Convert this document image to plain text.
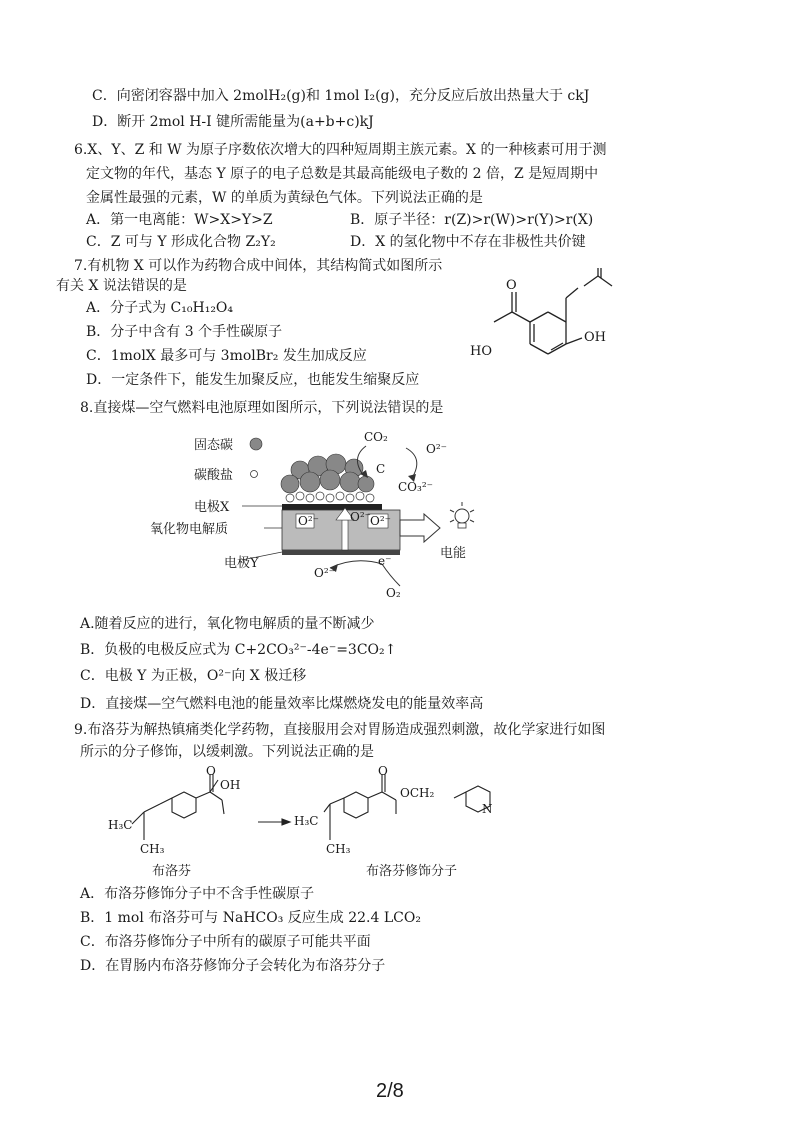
C．向密闭容器中加入 2molH₂(g)和 1mol I₂(g)，充分反应后放出热量大于 ckJ
D．断开 2mol H-I 键所需能量为(a+b+c)kJ
6.X、Y、Z 和 W 为原子序数依次增大的四种短周期主族元素。X 的一种核素可用于测
定文物的年代，基态 Y 原子的电子总数是其最高能级电子数的 2 倍，Z 是短周期中
金属性最强的元素，W 的单质为黄绿色气体。下列说法正确的是
A．第一电离能：W>X>Y>Z	B．原子半径：r(Z)>r(W)>r(Y)>r(X)
C．Z 可与 Y 形成化合物 Z₂Y₂	D．X 的氢化物中不存在非极性共价键
7.有机物 X 可以作为药物合成中间体，其结构简式如图所示
有关 X 说法错误的是
A．分子式为 C₁₀H₁₂O₄
B．分子中含有 3 个手性碳原子
C．1molX 最多可与 3molBr₂ 发生加成反应
D．一定条件下，能发生加聚反应，也能发生缩聚反应
HO
O
OH
8.直接煤—空气燃料电池原理如图所示，下列说法错误的是
固态碳
碳酸盐
电极X
氧化物电解质
电极Y
电能
CO₂
C
O²⁻
CO₃²⁻
O²⁻	O²⁻ O²⁻
O²⁻
e⁻
O₂
A.随着反应的进行，氧化物电解质的量不断减少
B．负极的电极反应式为 C+2CO₃²⁻-4e⁻=3CO₂↑
C．电极 Y 为正极，O²⁻向 X 极迁移
D．直接煤—空气燃料电池的能量效率比煤燃烧发电的能量效率高
9.布洛芬为解热镇痛类化学药物，直接服用会对胃肠造成强烈刺激，故化学家进行如图
所示的分子修饰，以缓刺激。下列说法正确的是
OH
O	O
OCH₂
N
H₃C
CH₃
H₃C
CH₃
布洛芬	布洛芬修饰分子
A．布洛芬修饰分子中不含手性碳原子
B．1 mol 布洛芬可与 NaHCO₃ 反应生成 22.4 LCO₂
C．布洛芬修饰分子中所有的碳原子可能共平面
D．在胃肠内布洛芬修饰分子会转化为布洛芬分子
2/8
